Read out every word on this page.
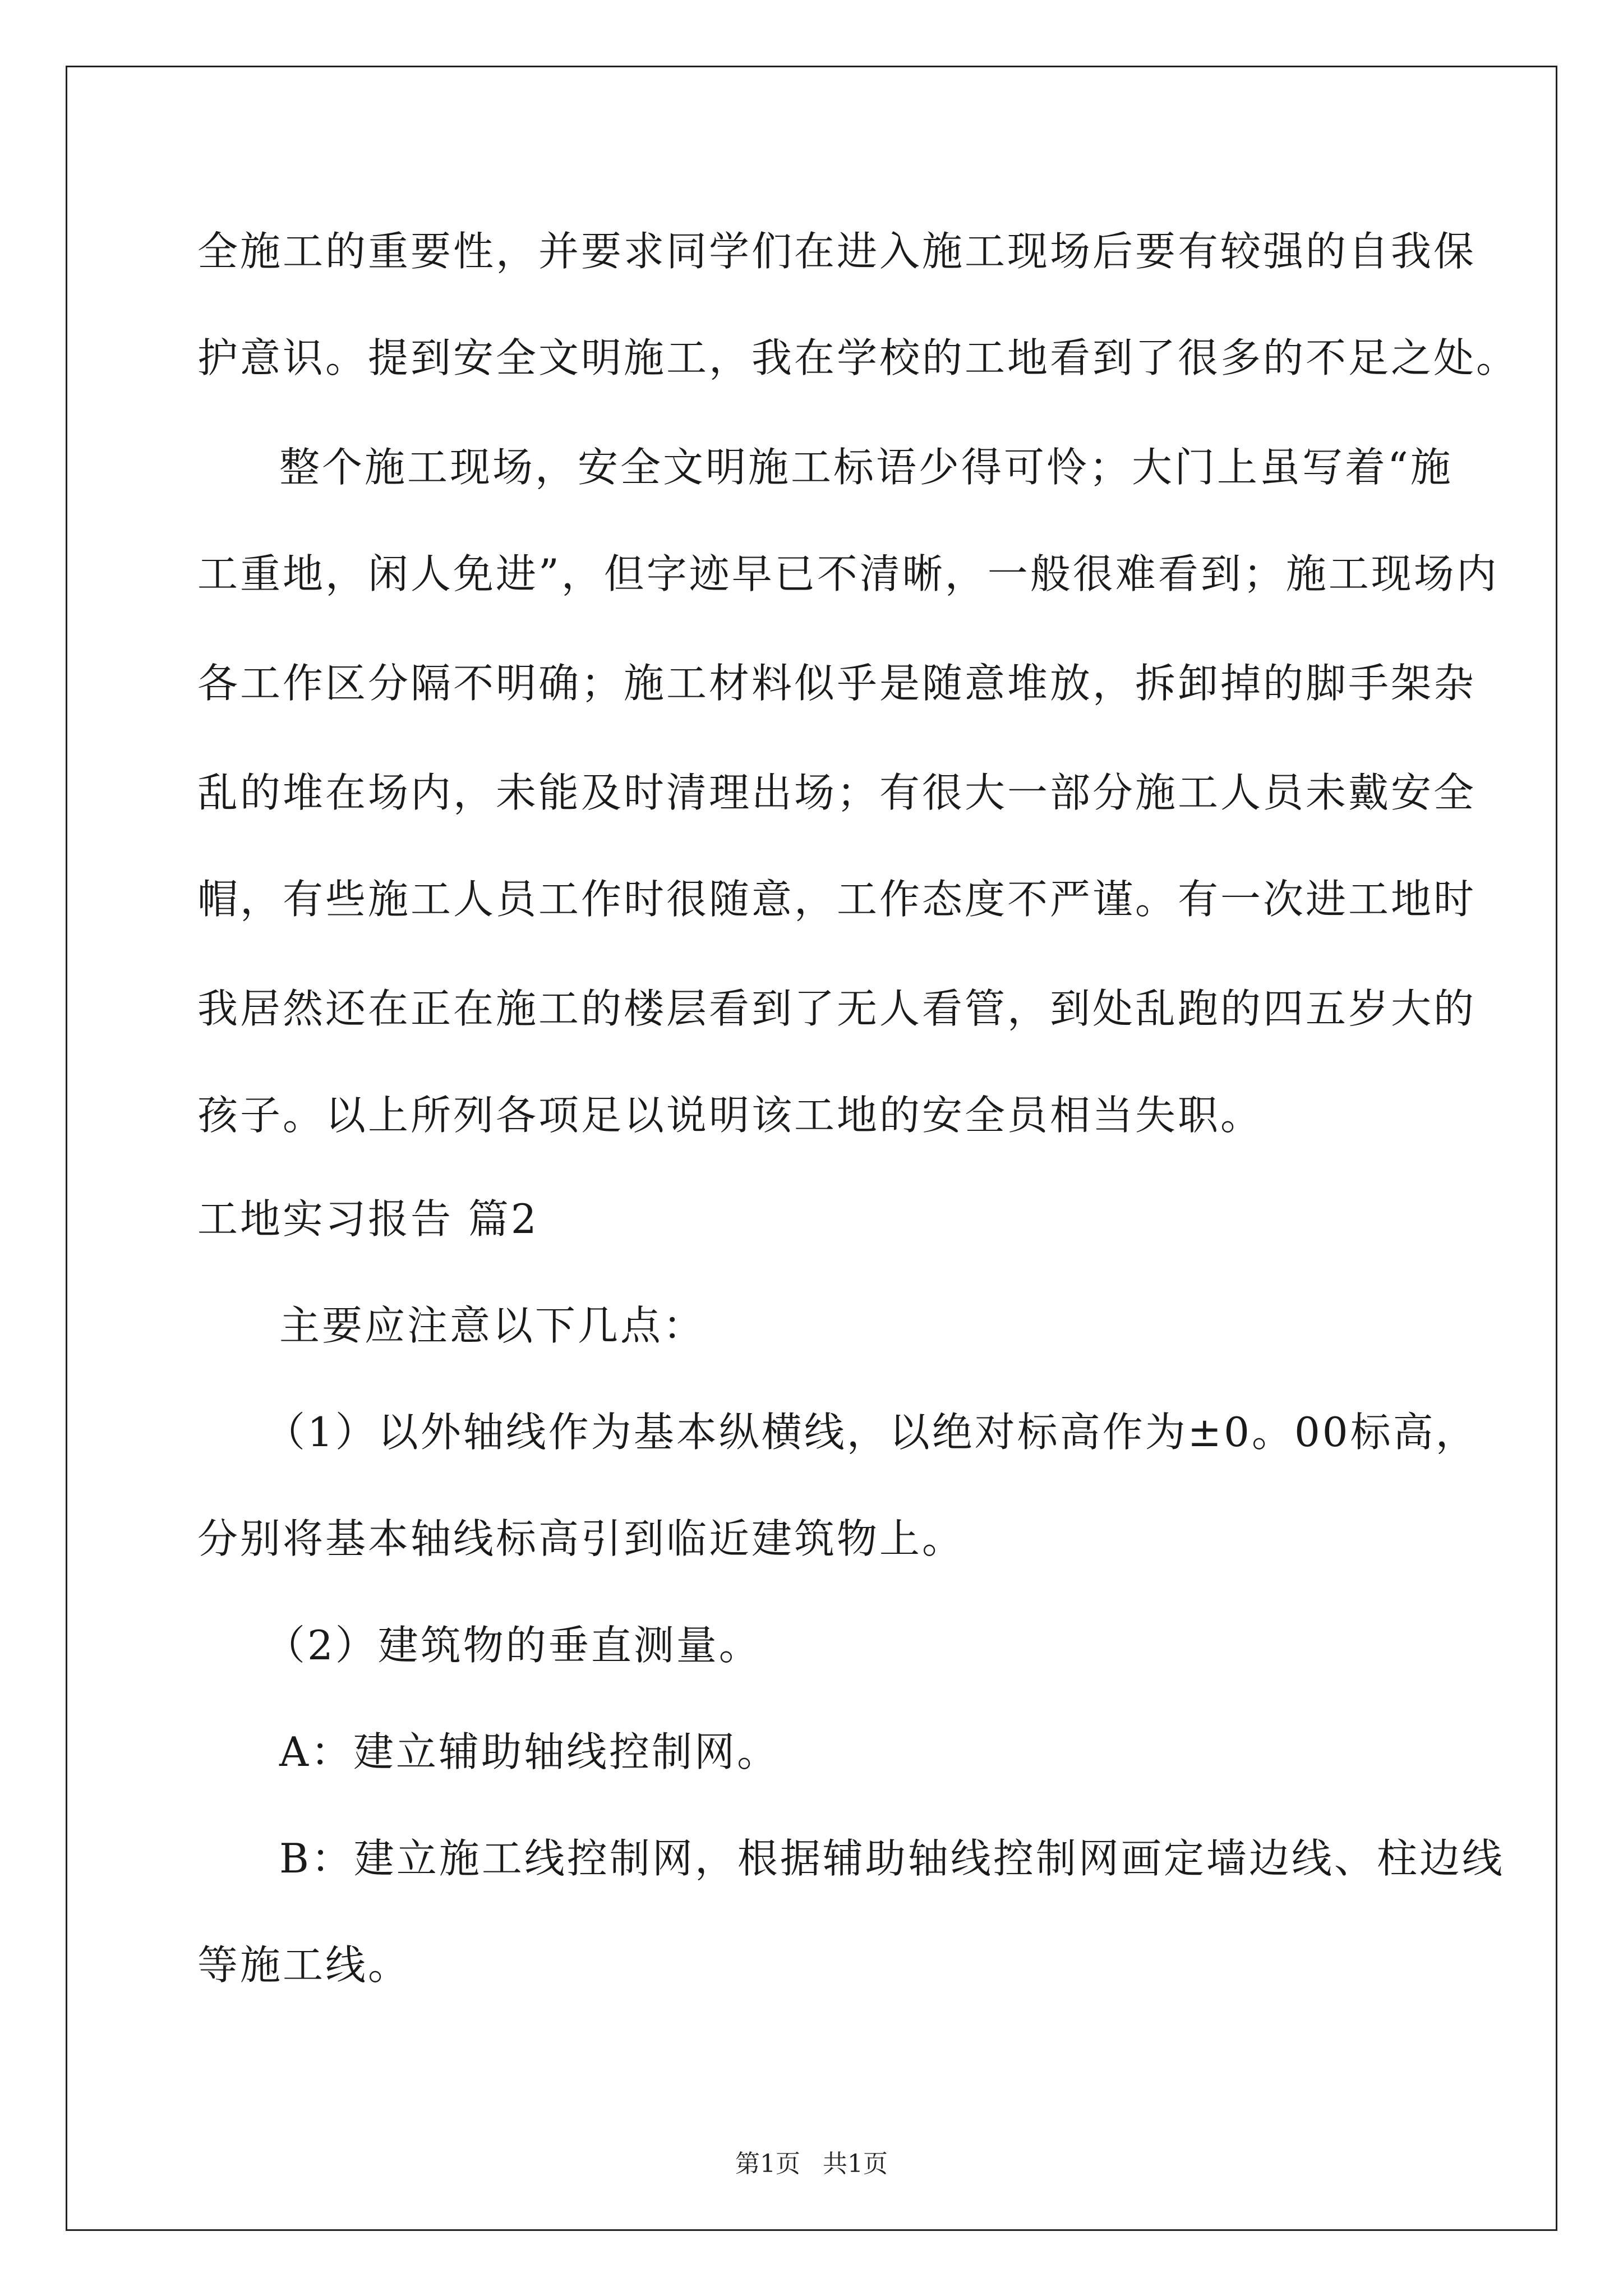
全施工的重要性，并要求同学们在进入施工现场后要有较强的自我保
护意识。提到安全文明施工，我在学校的工地看到了很多的不足之处。
整个施工现场，安全文明施工标语少得可怜；大门上虽写着“施
工重地，闲人免进”，但字迹早已不清晰，一般很难看到；施工现场内
各工作区分隔不明确；施工材料似乎是随意堆放，拆卸掉的脚手架杂
乱的堆在场内，未能及时清理出场；有很大一部分施工人员未戴安全
帽，有些施工人员工作时很随意，工作态度不严谨。有一次进工地时
我居然还在正在施工的楼层看到了无人看管，到处乱跑的四五岁大的
孩子。以上所列各项足以说明该工地的安全员相当失职。
工地实习报告 篇2
主要应注意以下几点：
（1）以外轴线作为基本纵横线，以绝对标高作为±0。00标高，
分别将基本轴线标高引到临近建筑物上。
（2）建筑物的垂直测量。
A：建立辅助轴线控制网。
B：建立施工线控制网，根据辅助轴线控制网画定墙边线、柱边线
等施工线。
第1页 共1页
